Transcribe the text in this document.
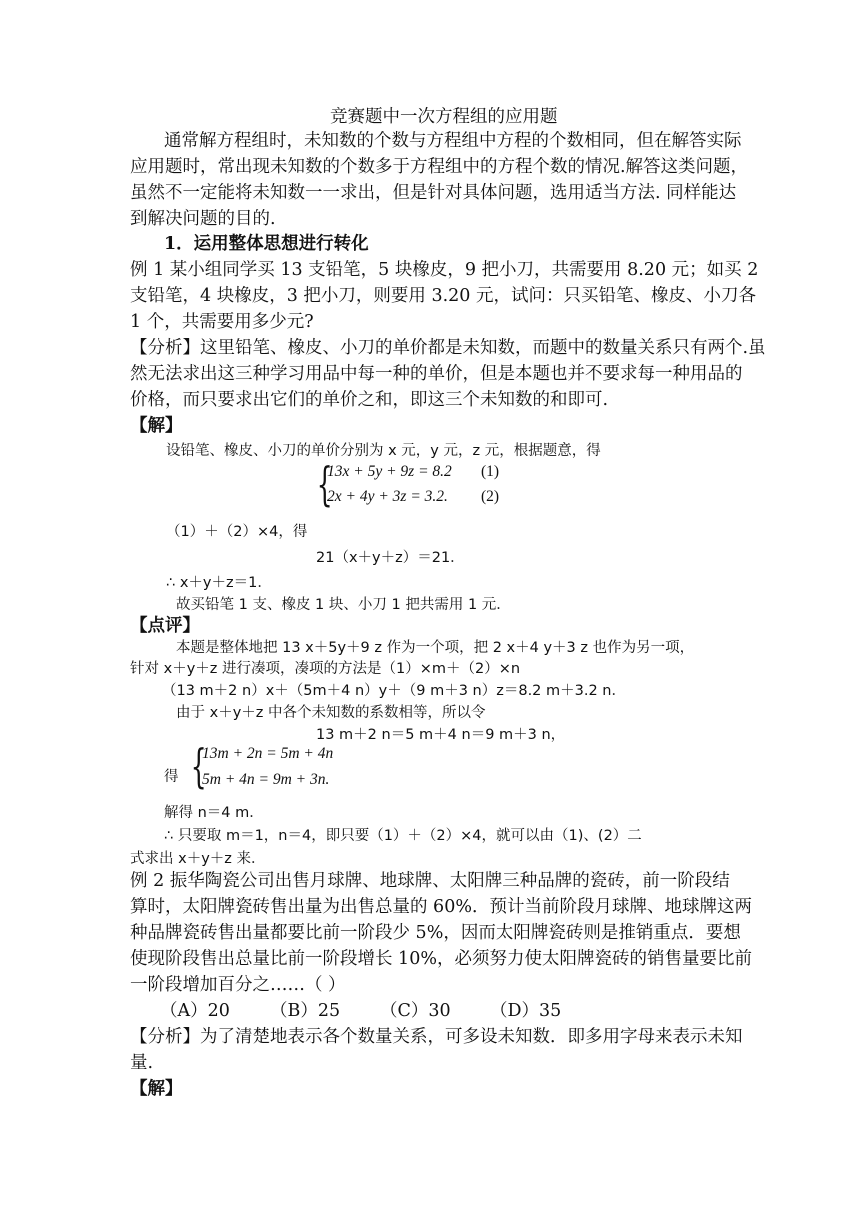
竞赛题中一次方程组的应用题
通常解方程组时，未知数的个数与方程组中方程的个数相同，但在解答实际
应用题时，常出现未知数的个数多于方程组中的方程个数的情况.解答这类问题，
虽然不一定能将未知数一一求出，但是针对具体问题，选用适当方法. 同样能达
到解决问题的目的.
1．运用整体思想进行转化
例 1 某小组同学买 13 支铅笔，5 块橡皮，9 把小刀，共需要用 8.20 元；如买 2
支铅笔，4 块橡皮，3 把小刀，则要用 3.20 元，试问：只买铅笔、橡皮、小刀各
1 个，共需要用多少元?
【分析】这里铅笔、橡皮、小刀的单价都是未知数，而题中的数量关系只有两个.虽
然无法求出这三种学习用品中每一种的单价，但是本题也并不要求每一种用品的
价格，而只要求出它们的单价之和，即这三个未知数的和即可.
【解】
设铅笔、橡皮、小刀的单价分别为 x 元，y 元，z 元，根据题意，得
{
13x + 5y + 9z = 8.2 (1)
2x + 4y + 3z = 3.2. (2)
（1）＋（2）×4，得
21（x＋y＋z）＝21．
∴ x＋y＋z＝1．
故买铅笔 1 支、橡皮 1 块、小刀 1 把共需用 1 元．
【点评】
本题是整体地把 13 x＋5y＋9 z 作为一个项，把 2 x＋4 y＋3 z 也作为另一项，
针对 x＋y＋z 进行凑项，凑项的方法是（1）×m＋（2）×n
（13 m＋2 n）x＋（5m＋4 n）y＋（9 m＋3 n）z＝8.2 m＋3.2 n．
由于 x＋y＋z 中各个未知数的系数相等，所以令
13 m＋2 n＝5 m＋4 n＝9 m＋3 n，
得 {
13m + 2n = 5m + 4n
5m + 4n = 9m + 3n.
解得 n＝4 m．
∴ 只要取 m＝1，n＝4，即只要（1）＋（2）×4，就可以由（1)、(2）二
式求出 x＋y＋z 来．
例 2 振华陶瓷公司出售月球牌、地球牌、太阳牌三种品牌的瓷砖，前一阶段结
算时，太阳牌瓷砖售出量为出售总量的 60%．预计当前阶段月球牌、地球牌这两
种品牌瓷砖售出量都要比前一阶段少 5%，因而太阳牌瓷砖则是推销重点．要想
使现阶段售出总量比前一阶段增长 10%，必须努力使太阳牌瓷砖的销售量要比前
一阶段增加百分之……（ ）
（A）20 （B）25 （C）30 （D）35
【分析】为了清楚地表示各个数量关系，可多设未知数．即多用字母来表示未知
量.
【解】
